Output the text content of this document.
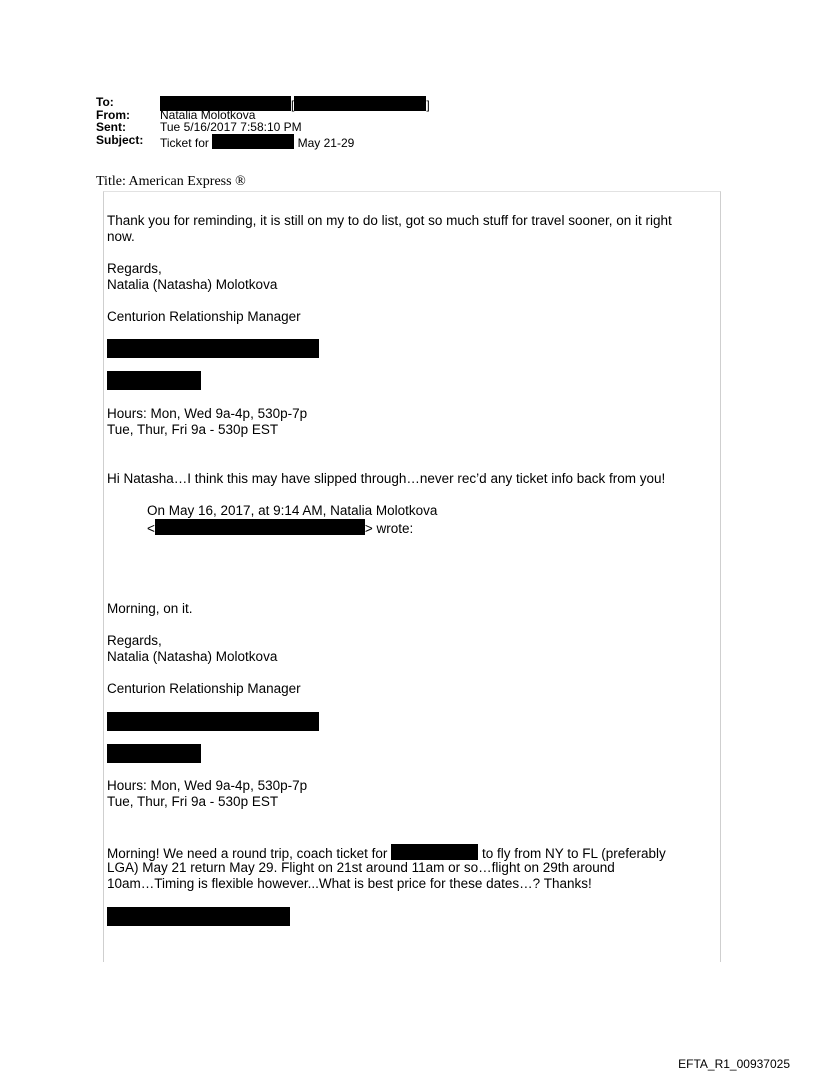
To:	[	]
From:	Natalia Molotkova
Sent:	Tue 5/16/2017 7:58:10 PM
Subject: Ticket for	May 21-29
Title: American Express ®
Thank you for reminding, it is still on my to do list, got so much stuff for travel sooner, on it right
now.
Regards,
Natalia (Natasha) Molotkova
Centurion Relationship Manager
Hours: Mon, Wed 9a-4p, 530p-7p
Tue, Thur, Fri 9a - 530p EST
Hi Natasha…I think this may have slipped through…never rec’d any ticket info back from you!
On May 16, 2017, at 9:14 AM, Natalia Molotkova
<	> wrote:
Morning, on it.
Regards,
Natalia (Natasha) Molotkova
Centurion Relationship Manager
Hours: Mon, Wed 9a-4p, 530p-7p
Tue, Thur, Fri 9a - 530p EST
Morning! We need a round trip, coach ticket for	to fly from NY to FL (preferably
LGA) May 21 return May 29. Flight on 21st around 11am or so…flight on 29th around
10am…Timing is flexible however...What is best price for these dates…? Thanks!
EFTA_R1_00937025
